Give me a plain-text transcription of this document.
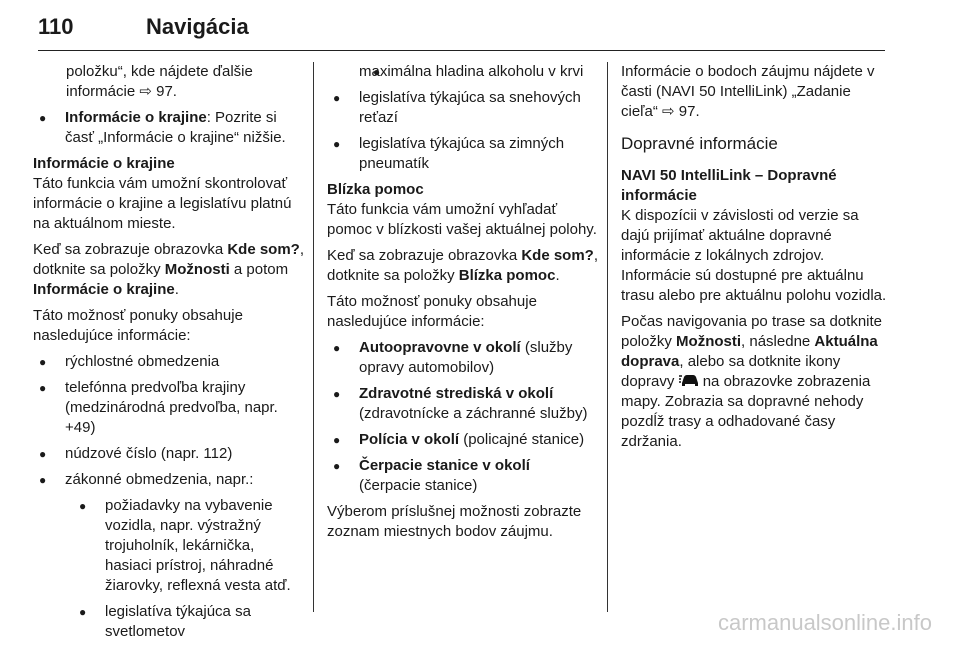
110	Navigácia
položku“, kde nájdete ďalšie
informácie ⇨ 97.
● Informácie o krajine: Pozrite si
časť „Informácie o krajine“ nižšie.

Informácie o krajine

Táto funkcia vám umožní skontrolovať informácie o krajine a legislatívu platnú na aktuálnom mieste.

Keď sa zobrazuje obrazovka Kde som?, dotknite sa položky Možnosti a potom Informácie o krajine.

Táto možnosť ponuky obsahuje nasledujúce informácie:

● rýchlostné obmedzenia
● telefónna predvoľba krajiny (medzinárodná predvoľba, napr. +49)
● núdzové číslo (napr. 112)
● zákonné obmedzenia, napr.:
● požiadavky na vybavenie vozidla, napr. výstražný trojuholník, lekárnička, hasiaci prístroj, náhradné žiarovky, reflexná vesta atď.
● legislatíva týkajúca sa svetlometov
● maximálna hladina alkoholu v krvi
● legislatíva týkajúca sa snehových reťazí
● legislatíva týkajúca sa zimných pneumatík

Blízka pomoc

Táto funkcia vám umožní vyhľadať pomoc v blízkosti vašej aktuálnej polohy.

Keď sa zobrazuje obrazovka Kde som?, dotknite sa položky Blízka pomoc.

Táto možnosť ponuky obsahuje nasledujúce informácie:

● Autoopravovne v okolí (služby opravy automobilov)
● Zdravotné strediská v okolí (zdravotnícke a záchranné služby)
● Polícia v okolí (policajné stanice)
● Čerpacie stanice v okolí
(čerpacie stanice)

Výberom príslušnej možnosti zobrazte zoznam miestnych bodov záujmu.

Informácie o bodoch záujmu nájdete v časti (NAVI 50 IntelliLink) „Zadanie cieľa“ ⇨ 97.

Dopravné informácie

NAVI 50 IntelliLink – Dopravné informácie

K dispozícii v závislosti od verzie sa dajú prijímať aktuálne dopravné informácie z lokálnych zdrojov. Informácie sú dostupné pre aktuálnu trasu alebo pre aktuálnu polohu vozidla.

Počas navigovania po trase sa dotknite položky Možnosti, následne Aktuálna doprava, alebo sa dotknite ikony dopravy  na obrazovke zobrazenia mapy. Zobrazia sa dopravné nehody pozdĺž trasy a odhadované časy zdržania.

carmanualsonline.info
